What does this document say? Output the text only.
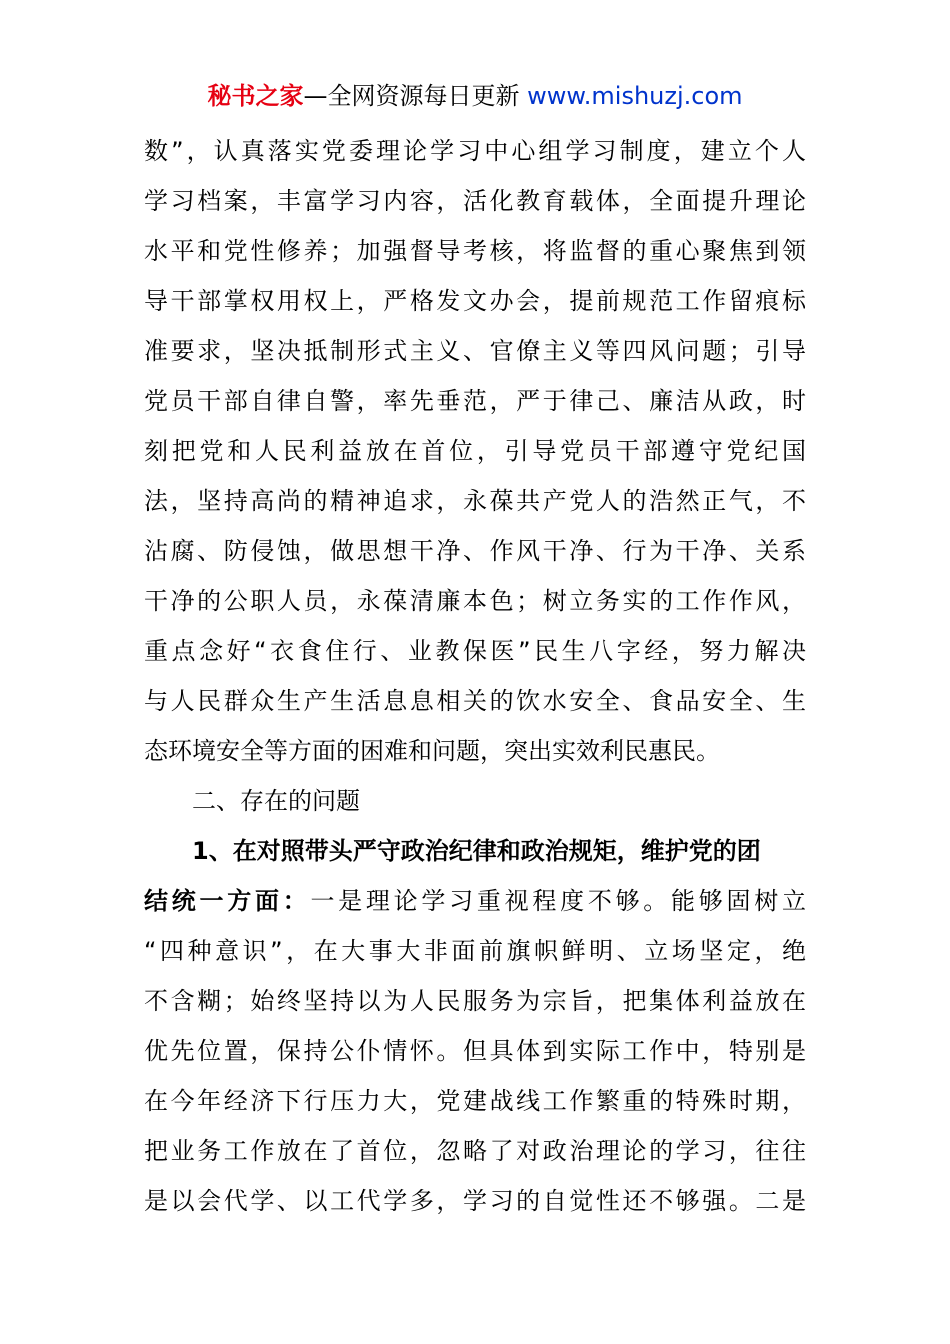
秘书之家—全网资源每日更新 www.mishuzj.com
数”，认真落实党委理论学习中心组学习制度，建立个人
学习档案，丰富学习内容，活化教育载体，全面提升理论
水平和党性修养；加强督导考核，将监督的重心聚焦到领
导干部掌权用权上，严格发文办会，提前规范工作留痕标
准要求，坚决抵制形式主义、官僚主义等四风问题；引导
党员干部自律自警，率先垂范，严于律己、廉洁从政，时
刻把党和人民利益放在首位，引导党员干部遵守党纪国
法，坚持高尚的精神追求，永葆共产党人的浩然正气，不
沾腐、防侵蚀，做思想干净、作风干净、行为干净、关系
干净的公职人员，永葆清廉本色；树立务实的工作作风，
重点念好“衣食住行、业教保医”民生八字经，努力解决
与人民群众生产生活息息相关的饮水安全、食品安全、生
态环境安全等方面的困难和问题，突出实效利民惠民。
二、存在的问题
1、在对照带头严守政治纪律和政治规矩，维护党的团
结统一方面：一是理论学习重视程度不够。能够固树立
“四种意识”，在大事大非面前旗帜鲜明、立场坚定，绝
不含糊；始终坚持以为人民服务为宗旨，把集体利益放在
优先位置，保持公仆情怀。但具体到实际工作中，特别是
在今年经济下行压力大，党建战线工作繁重的特殊时期，
把业务工作放在了首位，忽略了对政治理论的学习，往往
是以会代学、以工代学多，学习的自觉性还不够强。二是
